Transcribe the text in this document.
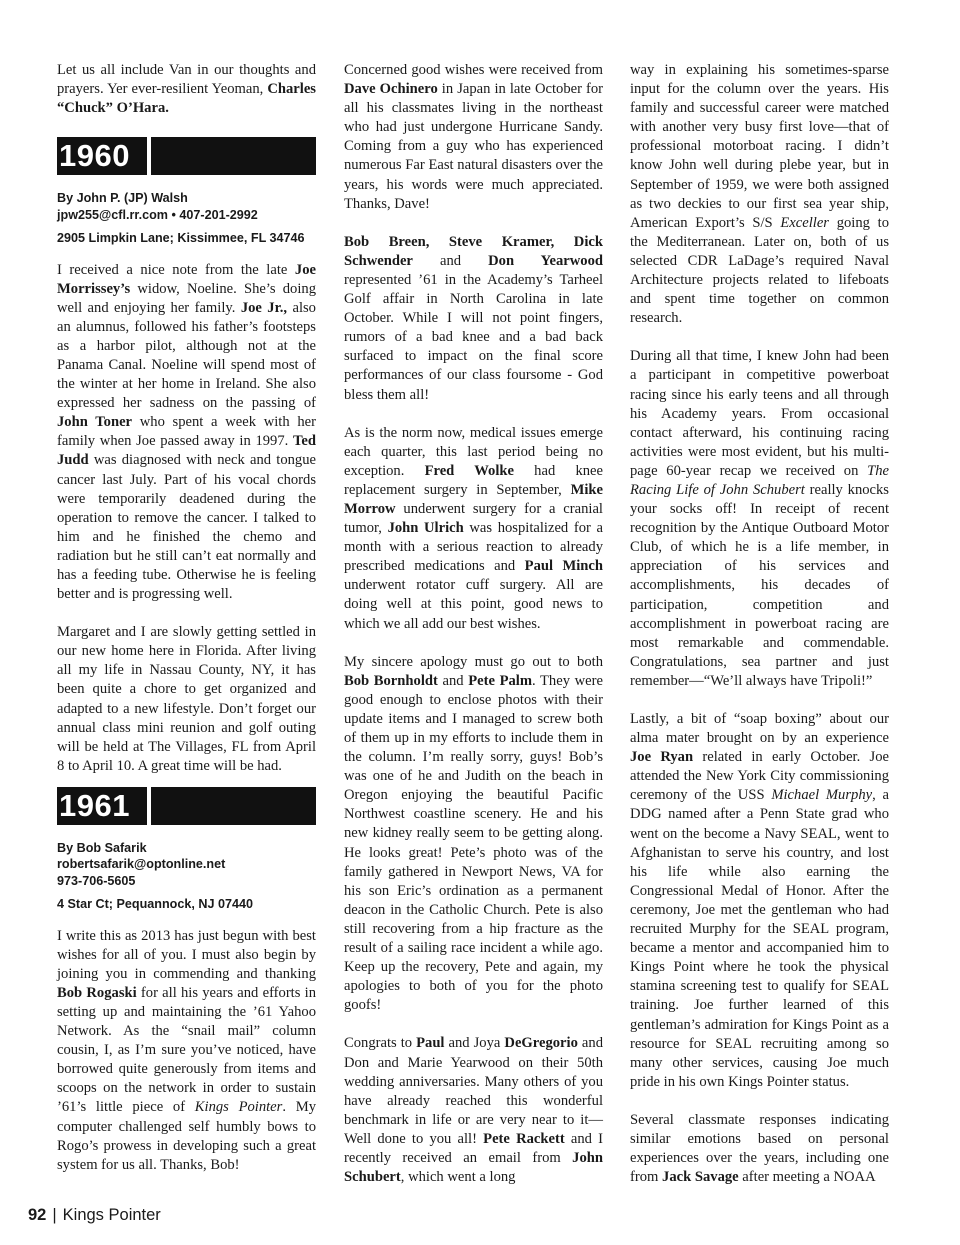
Let us all include Van in our thoughts and prayers. Yer ever-resilient Yeoman, Charles “Chuck” O’Hara.

1960
By John P. (JP) Walsh
jpw255@cfl.rr.com • 407-201-2992
2905 Limpkin Lane; Kissimmee, FL 34746

I received a nice note from the late Joe Morrissey’s widow, Noeline. She’s doing well and enjoying her family. Joe Jr., also an alumnus, followed his father’s footsteps as a harbor pilot, although not at the Panama Canal. Noeline will spend most of the winter at her home in Ireland. She also expressed her sadness on the passing of John Toner who spent a week with her family when Joe passed away in 1997. Ted Judd was diagnosed with neck and tongue cancer last July. Part of his vocal chords were temporarily deadened during the operation to remove the cancer. I talked to him and he finished the chemo and radiation but he still can’t eat normally and has a feeding tube. Otherwise he is feeling better and is progressing well.

Margaret and I are slowly getting settled in our new home here in Florida. After living all my life in Nassau County, NY, it has been quite a chore to get organized and adapted to a new lifestyle. Don’t forget our annual class mini reunion and golf outing will be held at The Villages, FL from April 8 to April 10. A great time will be had.

1961
By Bob Safarik
robertsafarik@optonline.net
973-706-5605
4 Star Ct; Pequannock, NJ 07440

I write this as 2013 has just begun with best wishes for all of you. I must also begin by joining you in commending and thanking Bob Rogaski for all his years and efforts in setting up and maintaining the ’61 Yahoo Network. As the “snail mail” column cousin, I, as I’m sure you’ve noticed, have borrowed quite generously from items and scoops on the network in order to sustain ’61’s little piece of Kings Pointer. My computer challenged self humbly bows to Rogo’s prowess in developing such a great system for us all. Thanks, Bob!

Concerned good wishes were received from Dave Ochinero in Japan in late October for all his classmates living in the northeast who had just undergone Hurricane Sandy. Coming from a guy who has experienced numerous Far East natural disasters over the years, his words were much appreciated. Thanks, Dave!

Bob Breen, Steve Kramer, Dick Schwender and Don Yearwood represented ’61 in the Academy’s Tarheel Golf affair in North Carolina in late October. While I will not point fingers, rumors of a bad knee and a bad back surfaced to impact on the final score performances of our class foursome - God bless them all!

As is the norm now, medical issues emerge each quarter, this last period being no exception. Fred Wolke had knee replacement surgery in September, Mike Morrow underwent surgery for a cranial tumor, John Ulrich was hospitalized for a month with a serious reaction to already prescribed medications and Paul Minch underwent rotator cuff surgery. All are doing well at this point, good news to which we all add our best wishes.

My sincere apology must go out to both Bob Bornholdt and Pete Palm. They were good enough to enclose photos with their update items and I managed to screw both of them up in my efforts to include them in the column. I’m really sorry, guys! Bob’s was one of he and Judith on the beach in Oregon enjoying the beautiful Pacific Northwest coastline scenery. He and his new kidney really seem to be getting along. He looks great! Pete’s photo was of the family gathered in Newport News, VA for his son Eric’s ordination as a permanent deacon in the Catholic Church. Pete is also still recovering from a hip fracture as the result of a sailing race incident a while ago. Keep up the recovery, Pete and again, my apologies to both of you for the photo goofs!

Congrats to Paul and Joya DeGregorio and Don and Marie Yearwood on their 50th wedding anniversaries. Many others of you have already reached this wonderful benchmark in life or are very near to it—Well done to you all! Pete Rackett and I recently received an email from John Schubert, which went a long

way in explaining his sometimes-sparse input for the column over the years. His family and successful career were matched with another very busy first love—that of professional motorboat racing. I didn’t know John well during plebe year, but in September of 1959, we were both assigned as two deckies to our first sea year ship, American Export’s S/S Exceller going to the Mediterranean. Later on, both of us selected CDR LaDage’s required Naval Architecture projects related to lifeboats and spent time together on common research.

During all that time, I knew John had been a participant in competitive powerboat racing since his early teens and all through his Academy years. From occasional contact afterward, his continuing racing activities were most evident, but his multi-page 60-year recap we received on The Racing Life of John Schubert really knocks your socks off! In receipt of recent recognition by the Antique Outboard Motor Club, of which he is a life member, in appreciation of his services and accomplishments, his decades of participation, competition and accomplishment in powerboat racing are most remarkable and commendable. Congratulations, sea partner and just remember—“We’ll always have Tripoli!”

Lastly, a bit of “soap boxing” about our alma mater brought on by an experience Joe Ryan related in early October. Joe attended the New York City commissioning ceremony of the USS Michael Murphy, a DDG named after a Penn State grad who went on the become a Navy SEAL, went to Afghanistan to serve his country, and lost his life while also earning the Congressional Medal of Honor. After the ceremony, Joe met the gentleman who had recruited Murphy for the SEAL program, became a mentor and accompanied him to Kings Point where he took the physical stamina screening test to qualify for SEAL training. Joe further learned of this gentleman’s admiration for Kings Point as a resource for SEAL recruiting among so many other services, causing Joe much pride in his own Kings Pointer status.

Several classmate responses indicating similar emotions based on personal experiences over the years, including one from Jack Savage after meeting a NOAA

92 | Kings Pointer
